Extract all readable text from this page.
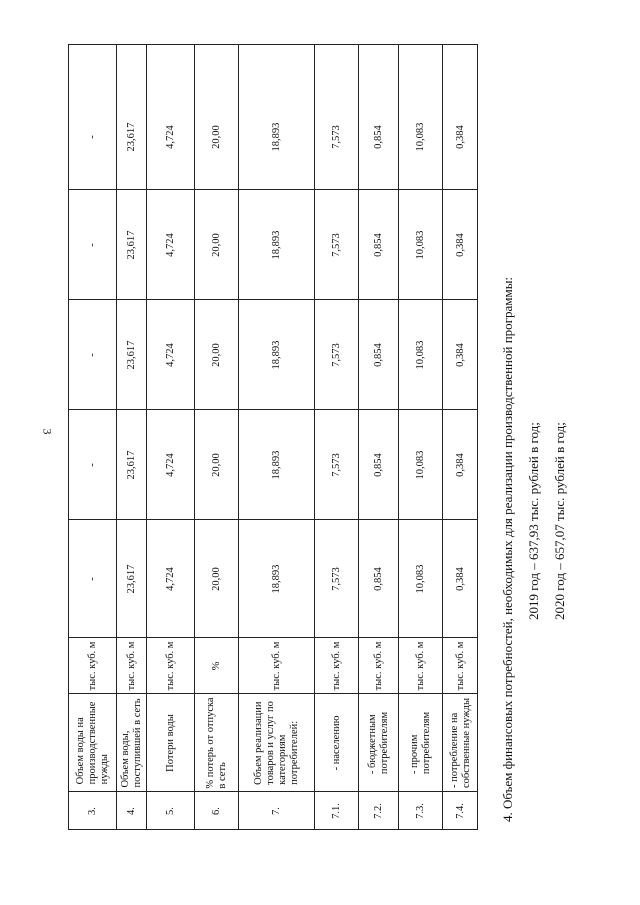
3
3.
Объем воды на
производственные
нужды
тыс. куб. м
-
-
-
-
-
4.
Объем воды,
поступившей в сеть
тыс. куб. м
23,617
23,617
23,617
23,617
23,617
5.
Потери воды
тыс. куб. м
4,724
4,724
4,724
4,724
4,724
6.
% потерь от отпуска
в сеть
%
20,00
20,00
20,00
20,00
20,00
7.
Объем реализации
товаров и услуг по
категориям
потребителей:
тыс. куб. м
18,893
18,893
18,893
18,893
18,893
7.1.
- населению
тыс. куб. м
7,573
7,573
7,573
7,573
7,573
7.2.
- бюджетным
потребителям
тыс. куб. м
0,854
0,854
0,854
0,854
0,854
7.3.
- прочим
потребителям
тыс. куб. м
10,083
10,083
10,083
10,083
10,083
7.4.
- потребление на
собственные нужды
тыс. куб. м
0,384
0,384
0,384
0,384
0,384
4. Объем финансовых потребностей, необходимых для реализации производственной программы: 2019 год – 637,93 тыс. рублей в год; 2020 год – 657,07 тыс. рублей в год;
